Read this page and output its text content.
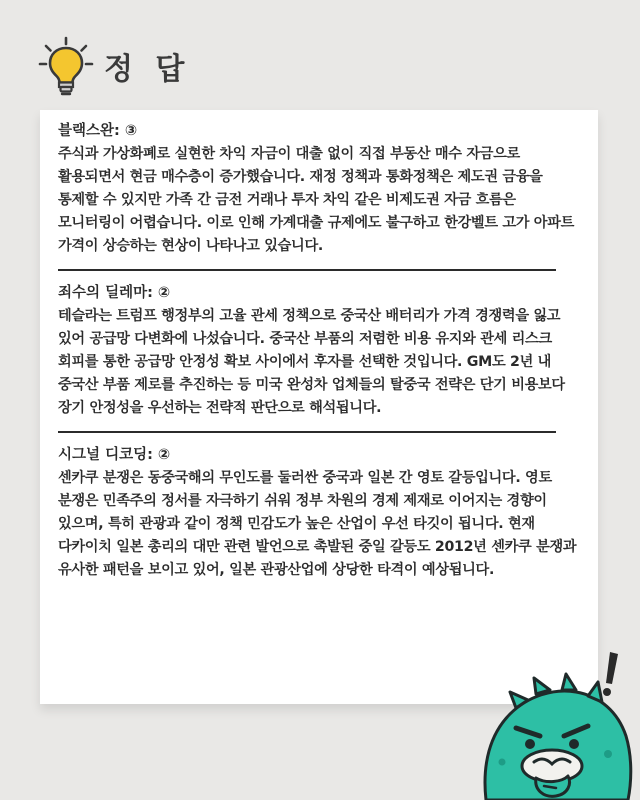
정 답
블랙스완: ③
주식과 가상화폐로 실현한 차익 자금이 대출 없이 직접 부동산 매수 자금으로 활용되면서 현금 매수층이 증가했습니다. 재정 정책과 통화정책은 제도권 금융을 통제할 수 있지만 가족 간 금전 거래나 투자 차익 같은 비제도권 자금 흐름은 모니터링이 어렵습니다. 이로 인해 가계대출 규제에도 불구하고 한강벨트 고가 아파트 가격이 상승하는 현상이 나타나고 있습니다.
죄수의 딜레마: ②
테슬라는 트럼프 행정부의 고율 관세 정책으로 중국산 배터리가 가격 경쟁력을 잃고 있어 공급망 다변화에 나섰습니다. 중국산 부품의 저렴한 비용 유지와 관세 리스크 회피를 통한 공급망 안정성 확보 사이에서 후자를 선택한 것입니다. GM도 2년 내 중국산 부품 제로를 추진하는 등 미국 완성차 업체들의 탈중국 전략은 단기 비용보다 장기 안정성을 우선하는 전략적 판단으로 해석됩니다.
시그널 디코딩: ②
센카쿠 분쟁은 동중국해의 무인도를 둘러싼 중국과 일본 간 영토 갈등입니다. 영토 분쟁은 민족주의 정서를 자극하기 쉬워 정부 차원의 경제 제재로 이어지는 경향이 있으며, 특히 관광과 같이 정책 민감도가 높은 산업이 우선 타깃이 됩니다. 현재 다카이치 일본 총리의 대만 관련 발언으로 촉발된 중일 갈등도 2012년 센카쿠 분쟁과 유사한 패턴을 보이고 있어, 일본 관광산업에 상당한 타격이 예상됩니다.
